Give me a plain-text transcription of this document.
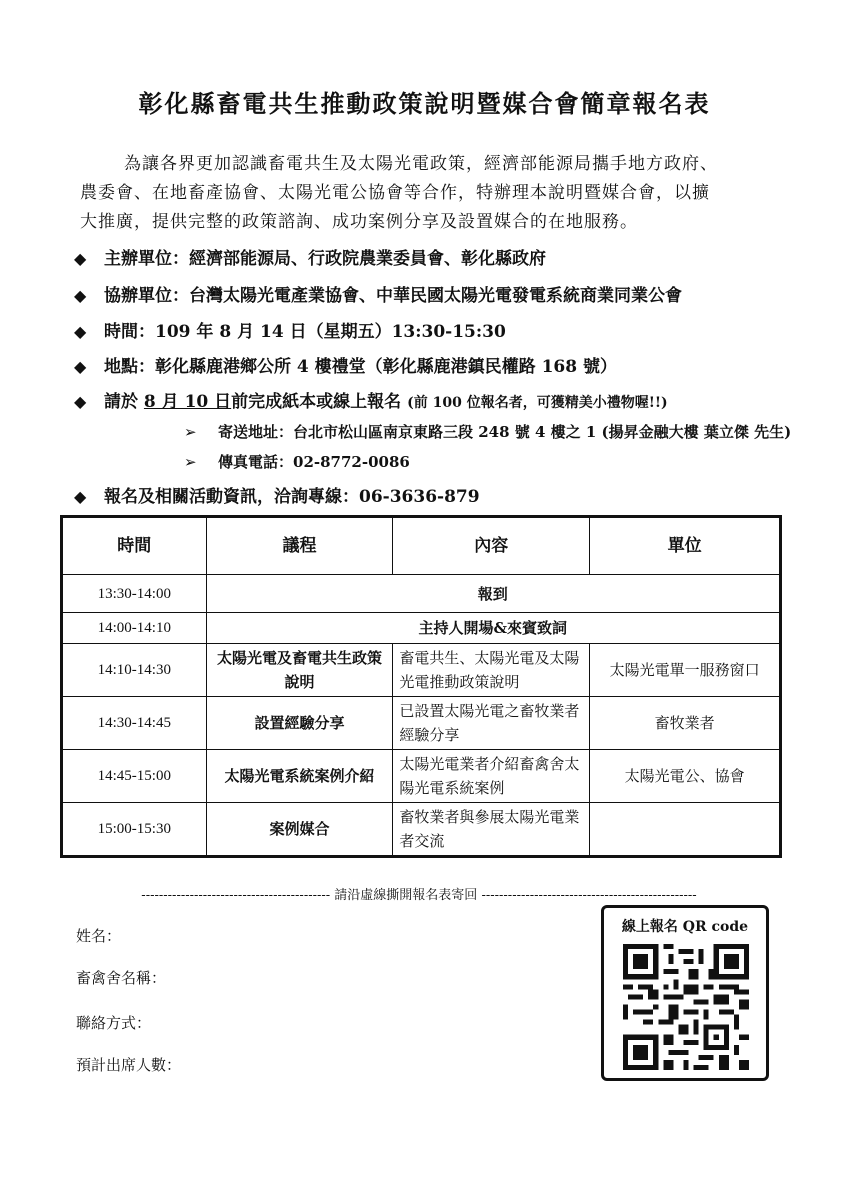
彰化縣畜電共生推動政策說明暨媒合會簡章報名表
為讓各界更加認識畜電共生及太陽光電政策，經濟部能源局攜手地方政府、
農委會、在地畜產協會、太陽光電公協會等合作，特辦理本說明暨媒合會，以擴
大推廣，提供完整的政策諮詢、成功案例分享及設置媒合的在地服務。
◆ 主辦單位：經濟部能源局、行政院農業委員會、彰化縣政府
◆ 協辦單位：台灣太陽光電產業協會、中華民國太陽光電發電系統商業同業公會
◆ 時間：109 年 8 月 14 日（星期五）13:30-15:30
◆ 地點：彰化縣鹿港鄉公所 4 樓禮堂（彰化縣鹿港鎮民權路 168 號）
◆ 請於 8 月 10 日前完成紙本或線上報名 (前 100 位報名者，可獲精美小禮物喔!!)
➢ 寄送地址：台北市松山區南京東路三段 248 號 4 樓之 1 (揚昇金融大樓 葉立傑 先生)
➢ 傳真電話：02-8772-0086
◆ 報名及相關活動資訊，洽詢專線：06-3636-879
時間	議程	內容	單位
13:30-14:00	報到		
14:00-14:10	主持人開場&來賓致詞		
14:10-14:30	太陽光電及畜電共生政策說明	畜電共生、太陽光電及太陽光電推動政策說明	太陽光電單一服務窗口
14:30-14:45	設置經驗分享	已設置太陽光電之畜牧業者經驗分享	畜牧業者
14:45-15:00	太陽光電系統案例介紹	太陽光電業者介紹畜禽舍太陽光電系統案例	太陽光電公、協會
15:00-15:30	案例媒合	畜牧業者與參展太陽光電業者交流	
------------------------------------------- 請沿虛線撕開報名表寄回 -------------------------------------------------
姓名：
畜禽舍名稱：
聯絡方式：
預計出席人數：
線上報名 QR code
